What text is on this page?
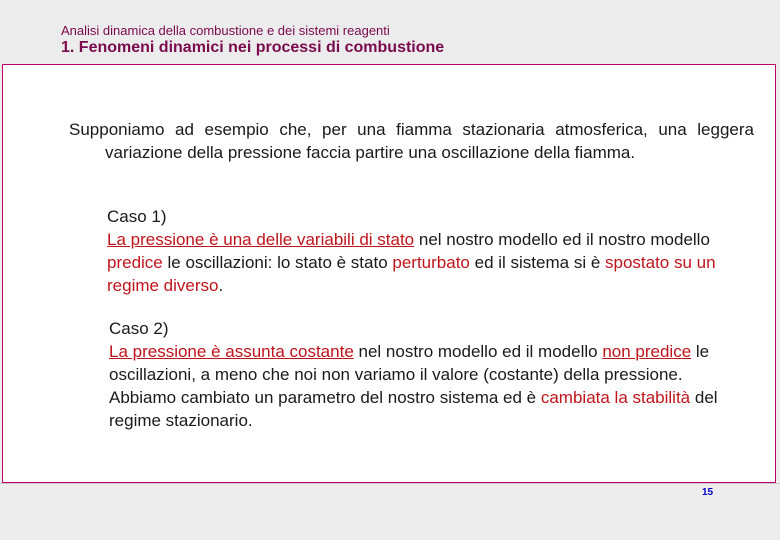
Analisi dinamica della combustione e dei sistemi reagenti
1. Fenomeni dinamici nei processi di combustione
Supponiamo ad esempio che, per una fiamma stazionaria atmosferica, una leggera variazione della pressione faccia partire una oscillazione della fiamma.
Caso 1)
La pressione è una delle variabili di stato nel nostro modello ed il nostro modello predice le oscillazioni: lo stato è stato perturbato ed il sistema si è spostato su un regime diverso.
Caso 2)
La pressione è assunta costante nel nostro modello ed il modello non predice le oscillazioni, a meno che noi non variamo il valore (costante) della pressione. Abbiamo cambiato un parametro del nostro sistema ed è cambiata la stabilità del regime stazionario.
15
